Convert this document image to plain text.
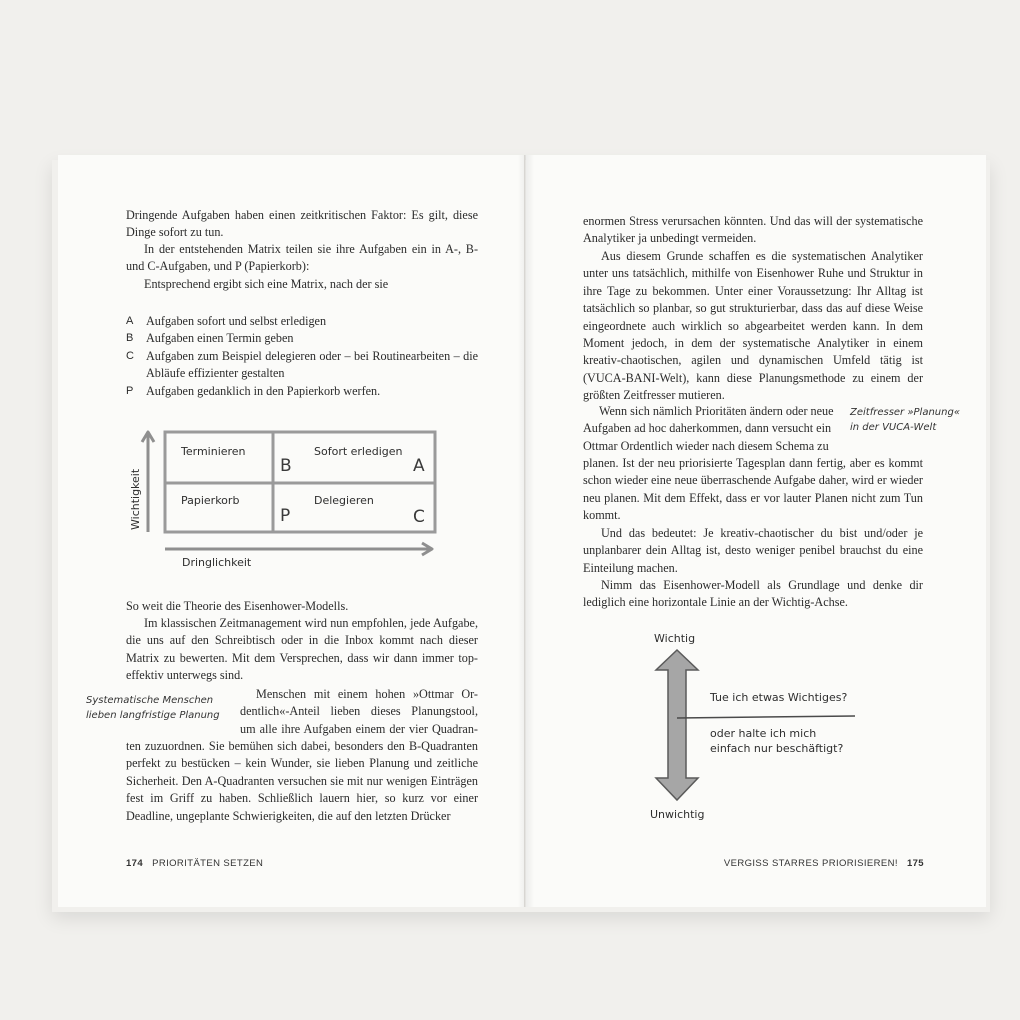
Dringende Aufgaben haben einen zeitkritischen Faktor: Es gilt, diese Dinge sofort zu tun.

In der entstehenden Matrix teilen sie ihre Aufgaben ein in A-, B- und C-Aufgaben, und P (Papierkorb):

Entsprechend ergibt sich eine Matrix, nach der sie

A Aufgaben sofort und selbst erledigen
B Aufgaben einen Termin geben
C Aufgaben zum Beispiel delegieren oder – bei Routinearbeiten – die Abläufe effizienter gestalten
P Aufgaben gedanklich in den Papierkorb werfen.
Wichtigkeit
Terminieren
B
Sofort erledigen
A
Papierkorb
P
Delegieren
C
Dringlichkeit

So weit die Theorie des Eisenhower-Modells.

Im klassischen Zeitmanagement wird nun empfohlen, jede Aufgabe, die uns auf den Schreibtisch oder in die Inbox kommt nach dieser Matrix zu bewerten. Mit dem Versprechen, dass wir dann immer top-effektiv unterwegs sind.

Systematische Menschen
lieben langfristige Planung
Menschen mit einem hohen »Ottmar Or-
dentlich«-Anteil lieben dieses Planungstool,
um alle ihre Aufgaben einem der vier Quadran-

ten zuzuordnen. Sie bemühen sich dabei, besonders den B-Quadranten perfekt zu bestücken – kein Wunder, sie lieben Planung und zeitliche Sicherheit. Den A-Quadranten versuchen sie mit nur wenigen Einträgen fest im Griff zu haben. Schließlich lauern hier, so kurz vor einer Deadline, ungeplante Schwierigkeiten, die auf den letzten Drücker

174 PRIORITÄTEN SETZEN

enormen Stress verursachen könnten. Und das will der systematische Analytiker ja unbedingt vermeiden.

Aus diesem Grunde schaffen es die systematischen Analytiker unter uns tatsächlich, mithilfe von Eisenhower Ruhe und Struktur in ihre Tage zu bekommen. Unter einer Voraussetzung: Ihr Alltag ist tatsächlich so planbar, so gut strukturierbar, dass das auf diese Weise eingeordnete auch wirklich so abgearbeitet werden kann. In dem Moment jedoch, in dem der systematische Analytiker in einem kreativ-chaotischen, agilen und dynamischen Umfeld tätig ist (VUCA-BANI-Welt), kann diese Planungsmethode zu einem der größten Zeitfresser mutieren.

Wenn sich nämlich Prioritäten ändern oder neue
Aufgaben ad hoc daherkommen, dann versucht ein
Ottmar Ordentlich wieder nach diesem Schema zu
Zeitfresser »Planung«
in der VUCA-Welt

planen. Ist der neu priorisierte Tagesplan dann fertig, aber es kommt schon wieder eine neue überraschende Aufgabe daher, wird er wieder neu planen. Mit dem Effekt, dass er vor lauter Planen nicht zum Tun kommt.

Und das bedeutet: Je kreativ-chaotischer du bist und/oder je unplanbarer dein Alltag ist, desto weniger penibel brauchst du eine Einteilung machen.

Nimm das Eisenhower-Modell als Grundlage und denke dir lediglich eine horizontale Linie an der Wichtig-Achse.

Wichtig
Tue ich etwas Wichtiges?
oder halte ich mich
einfach nur beschäftigt?
Unwichtig
VERGISS STARRES PRIORISIEREN! 175
